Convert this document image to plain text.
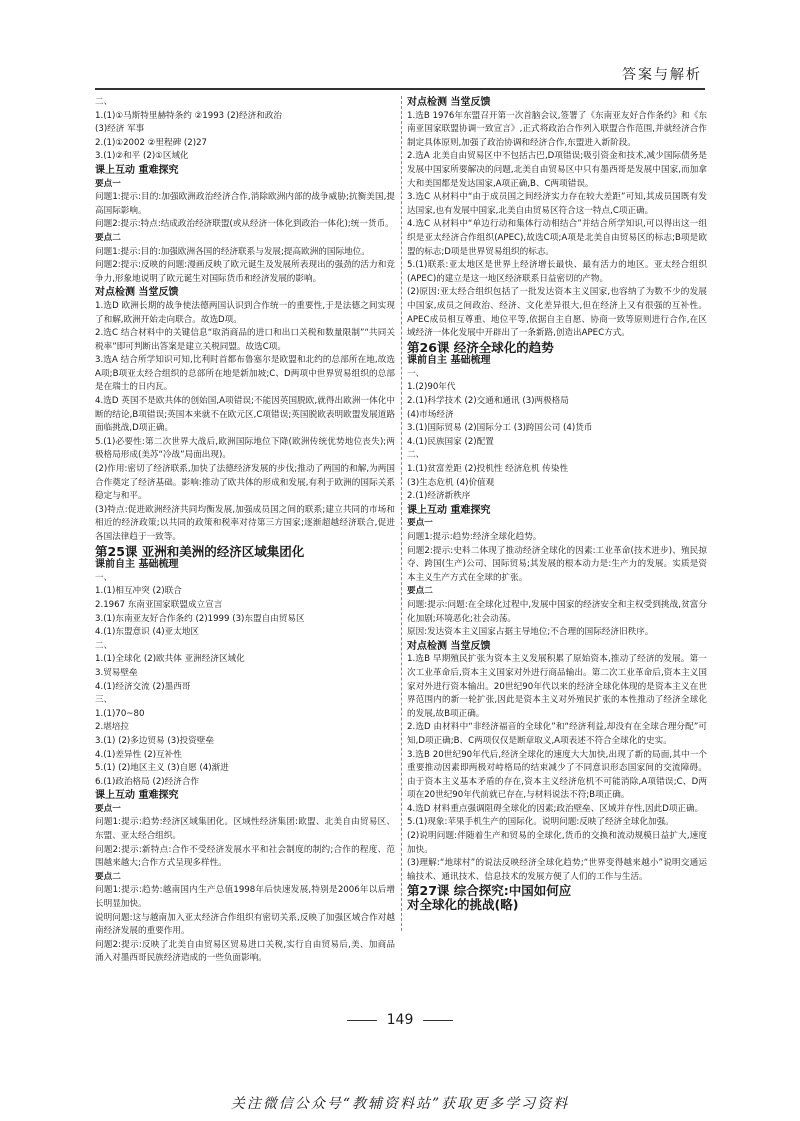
答案与解析

二、

1.(1)①马斯特里赫特条约 ②1993 (2)经济和政治

(3)经济 军事

2.(1)①2002 ②里程碑 (2)27

3.(1)②和平 (2)①区域化

课上互动 重难探究

要点一

问题1:提示:目的:加强欧洲政治经济合作,消除欧洲内部的战争威胁;抗衡美国,提高国际影响。

问题2:提示:特点:结成政治经济联盟(或从经济一体化到政治一体化);统一货币。

要点二

问题1:提示:目的:加强欧洲各国的经济联系与发展;提高欧洲的国际地位。

问题2:提示:反映的问题:漫画反映了欧元诞生及发展所表现出的强劲的活力和竞争力,形象地说明了欧元诞生对国际货币和经济发展的影响。

对点检测 当堂反馈

1.选D 欧洲长期的战争使法德两国认识到合作统一的重要性,于是法德之间实现了和解,欧洲开始走向联合。故选D项。

2.选C 结合材料中的关键信息“取消商品的进口和出口关税和数量限制”“共同关税率”即可判断出答案是建立关税同盟。故选C项。

3.选A 结合所学知识可知,比利时首都布鲁塞尔是欧盟和北约的总部所在地,故选A项;B项亚太经合组织的总部所在地是新加坡;C、D两项中世界贸易组织的总部是在瑞士的日内瓦。

4.选D 英国不是欧共体的创始国,A项错误;不能因英国脱欧,就得出欧洲一体化中断的结论,B项错误;英国本来就不在欧元区,C项错误;英国脱欧表明欧盟发展道路面临挑战,D项正确。

5.(1)必要性:第二次世界大战后,欧洲国际地位下降(欧洲传统优势地位丧失);两极格局形成(美苏“冷战”局面出现)。

(2)作用:密切了经济联系,加快了法德经济发展的步伐;推动了两国的和解,为两国合作奠定了经济基础。影响:推动了欧共体的形成和发展,有利于欧洲的国际关系稳定与和平。

(3)特点:促进欧洲经济共同均衡发展,加强成员国之间的联系;建立共同的市场和相近的经济政策;以共同的政策和税率对待第三方国家;逐渐超越经济联合,促进各国法律趋于一致等。

第25课 亚洲和美洲的经济区域集团化

课前自主 基础梳理

一、

1.(1)相互冲突 (2)联合

2.1967 东南亚国家联盟成立宣言

3.(1)东南亚友好合作条约 (2)1999 (3)东盟自由贸易区

4.(1)东盟意识 (4)亚太地区

二、

1.(1)全球化 (2)欧共体 亚洲经济区域化

3.贸易壁垒

4.(1)经济交流 (2)墨西哥

三、

1.(1)70~80

2.堪培拉

3.(1) (2)多边贸易 (3)投资壁垒

4.(1)差异性 (2)互补性

5.(1) (2)地区主义 (3)自愿 (4)渐进

6.(1)政治格局 (2)经济合作

课上互动 重难探究

要点一

问题1:提示:趋势:经济区域集团化。区域性经济集团:欧盟、北美自由贸易区、东盟、亚太经合组织。

问题2:提示:新特点:合作不受经济发展水平和社会制度的制约;合作的程度、范围越来越大;合作方式呈现多样性。

要点二

问题1:提示:趋势:越南国内生产总值1998年后快速发展,特别是2006年以后增长明显加快。

说明问题:这与越南加入亚太经济合作组织有密切关系,反映了加强区域合作对越南经济发展的重要作用。

问题2:提示:反映了北美自由贸易区贸易进口关税,实行自由贸易后,美、加商品涌入对墨西哥民族经济造成的一些负面影响。

对点检测 当堂反馈

1.选B 1976年东盟召开第一次首脑会议,签署了《东南亚友好合作条约》和《东南亚国家联盟协调一致宣言》,正式将政治合作列入联盟合作范围,并就经济合作制定具体原则,加强了政治协调和经济合作,东盟进入新阶段。

2.选A 北美自由贸易区中不包括古巴,D项错误;吸引资金和技术,减少国际债务是发展中国家所要解决的问题,北美自由贸易区中只有墨西哥是发展中国家,而加拿大和美国都是发达国家,A项正确,B、C两项错误。

3.选C 从材料中“由于成员国之间经济实力存在较大差距”可知,其成员国既有发达国家,也有发展中国家,北美自由贸易区符合这一特点,C项正确。

4.选C 从材料中“单边行动和集体行动相结合”并结合所学知识,可以得出这一组织是亚太经济合作组织(APEC),故选C项;A项是北美自由贸易区的标志;B项是欧盟的标志;D项是世界贸易组织的标志。

5.(1)联系:亚太地区是世界上经济增长最快、最有活力的地区。亚太经合组织(APEC)的建立是这一地区经济联系日益密切的产物。

(2)原因:亚太经合组织包括了一批发达资本主义国家,也容纳了为数不少的发展中国家,成员之间政治、经济、文化差异很大,但在经济上又有很强的互补性。APEC成员相互尊重、地位平等,依据自主自愿、协商一致等原则进行合作,在区域经济一体化发展中开辟出了一条新路,创造出APEC方式。

第26课 经济全球化的趋势

课前自主 基础梳理

一、

1.(2)90年代

2.(1)科学技术 (2)交通和通讯 (3)两极格局

(4)市场经济

3.(1)国际贸易 (2)国际分工 (3)跨国公司 (4)货币

4.(1)民族国家 (2)配置

二、

1.(1)贫富差距 (2)投机性 经济危机 传染性

(3)生态危机 (4)价值观

2.(1)经济新秩序

课上互动 重难探究

要点一

问题1:提示:趋势:经济全球化趋势。

问题2:提示:史料二体现了推动经济全球化的因素:工业革命(技术进步)、殖民掠夺、跨国(生产)公司、国际贸易;其发展的根本动力是:生产力的发展。实质是资本主义生产方式在全球的扩张。

要点二

问题:提示:问题:在全球化过程中,发展中国家的经济安全和主权受到挑战,贫富分化加剧;环境恶化;社会动荡。

原因:发达资本主义国家占据主导地位;不合理的国际经济旧秩序。

对点检测 当堂反馈

1.选B 早期殖民扩张为资本主义发展积累了原始资本,推动了经济的发展。第一次工业革命后,资本主义国家对外进行商品输出。第二次工业革命后,资本主义国家对外进行资本输出。20世纪90年代以来的经济全球化体现的是资本主义在世界范围内的新一轮扩张,因此是资本主义对外殖民扩张的本性推动了经济全球化的发展,故B项正确。

2.选D 由材料中“非经济福音的全球化”和“经济利益,却没有在全球合理分配”可知,D项正确;B、C两项仅仅是断章取义,A项表述不符合全球化的史实。

3.选B 20世纪90年代后,经济全球化的速度大大加快,出现了新的局面,其中一个重要推动因素即两极对峙格局的结束减少了不同意识形态国家间的交流障碍。由于资本主义基本矛盾的存在,资本主义经济危机不可能消除,A项错误;C、D两项在20世纪90年代前就已存在,与材料说法不符;B项正确。

4.选D 材料重点强调阻碍全球化的因素;政治壁垒、区域并存性,因此D项正确。

5.(1)现象:苹果手机生产的国际化。说明问题:反映了经济全球化加强。

(2)说明问题:伴随着生产和贸易的全球化,货币的交换和流动规模日益扩大,速度加快。

(3)理解:“地球村”的说法反映经济全球化趋势;“世界变得越来越小”说明交通运输技术、通讯技术、信息技术的发展方便了人们的工作与生活。

第27课 综合探究:中国如何应

对全球化的挑战(略)

149
关注微信公众号“教辅资料站”获取更多学习资料
